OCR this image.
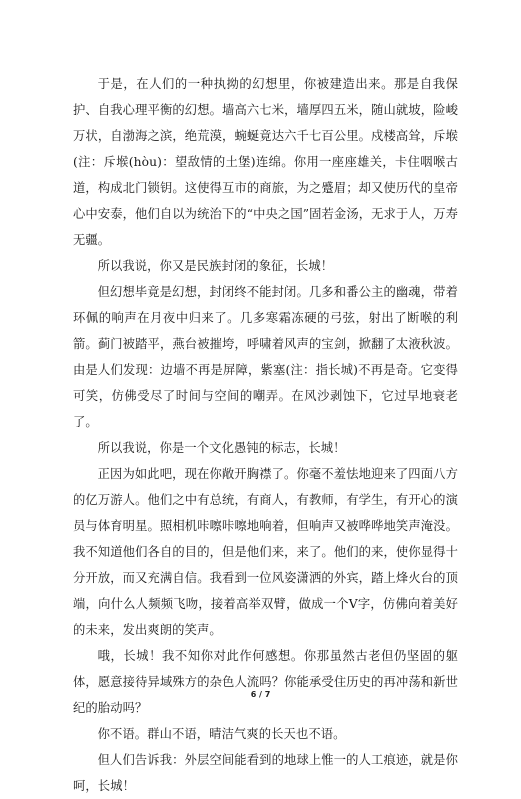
于是，在人们的一种执拗的幻想里，你被建造出来。那是自我保护、自我心理平衡的幻想。墙高六七米，墙厚四五米，随山就坡，险峻万状，自渤海之滨，绝荒漠，蜿蜒竟达六千七百公里。戍楼高耸，斥堠(注：斥堠(hòu)：望敌情的土堡)连绵。你用一座座雄关，卡住咽喉古道，构成北门锁钥。这使得互市的商旅，为之蹙眉；却又使历代的皇帝心中安泰，他们自以为统治下的“中央之国”固若金汤，无求于人，万寿无疆。

所以我说，你又是民族封闭的象征，长城！

但幻想毕竟是幻想，封闭终不能封闭。几多和番公主的幽魂，带着环佩的响声在月夜中归来了。几多寒霜冻硬的弓弦，射出了断喉的利箭。蓟门被踏平，燕台被摧垮，呼啸着风声的宝剑，掀翻了太液秋波。由是人们发现：边墙不再是屏障，紫塞(注：指长城)不再是奇。它变得可笑，仿佛受尽了时间与空间的嘲弄。在风沙剥蚀下，它过早地衰老了。

所以我说，你是一个文化愚钝的标志，长城！

正因为如此吧，现在你敞开胸襟了。你毫不羞怯地迎来了四面八方的亿万游人。他们之中有总统，有商人，有教师，有学生，有开心的演员与体育明星。照相机咔嚓咔嚓地响着，但响声又被哗哗地笑声淹没。我不知道他们各自的目的，但是他们来，来了。他们的来，使你显得十分开放，而又充满自信。我看到一位风姿潇洒的外宾，踏上烽火台的顶端，向什么人频频飞吻，接着高举双臂，做成一个V字，仿佛向着美好的未来，发出爽朗的笑声。

哦，长城！我不知你对此作何感想。你那虽然古老但仍坚固的躯体，愿意接待异域殊方的杂色人流吗？你能承受住历史的再冲荡和新世纪的胎动吗？

你不语。群山不语，晴洁气爽的长天也不语。

但人们告诉我：外层空间能看到的地球上惟一的人工痕迹，就是你呵，长城！

6 / 7
